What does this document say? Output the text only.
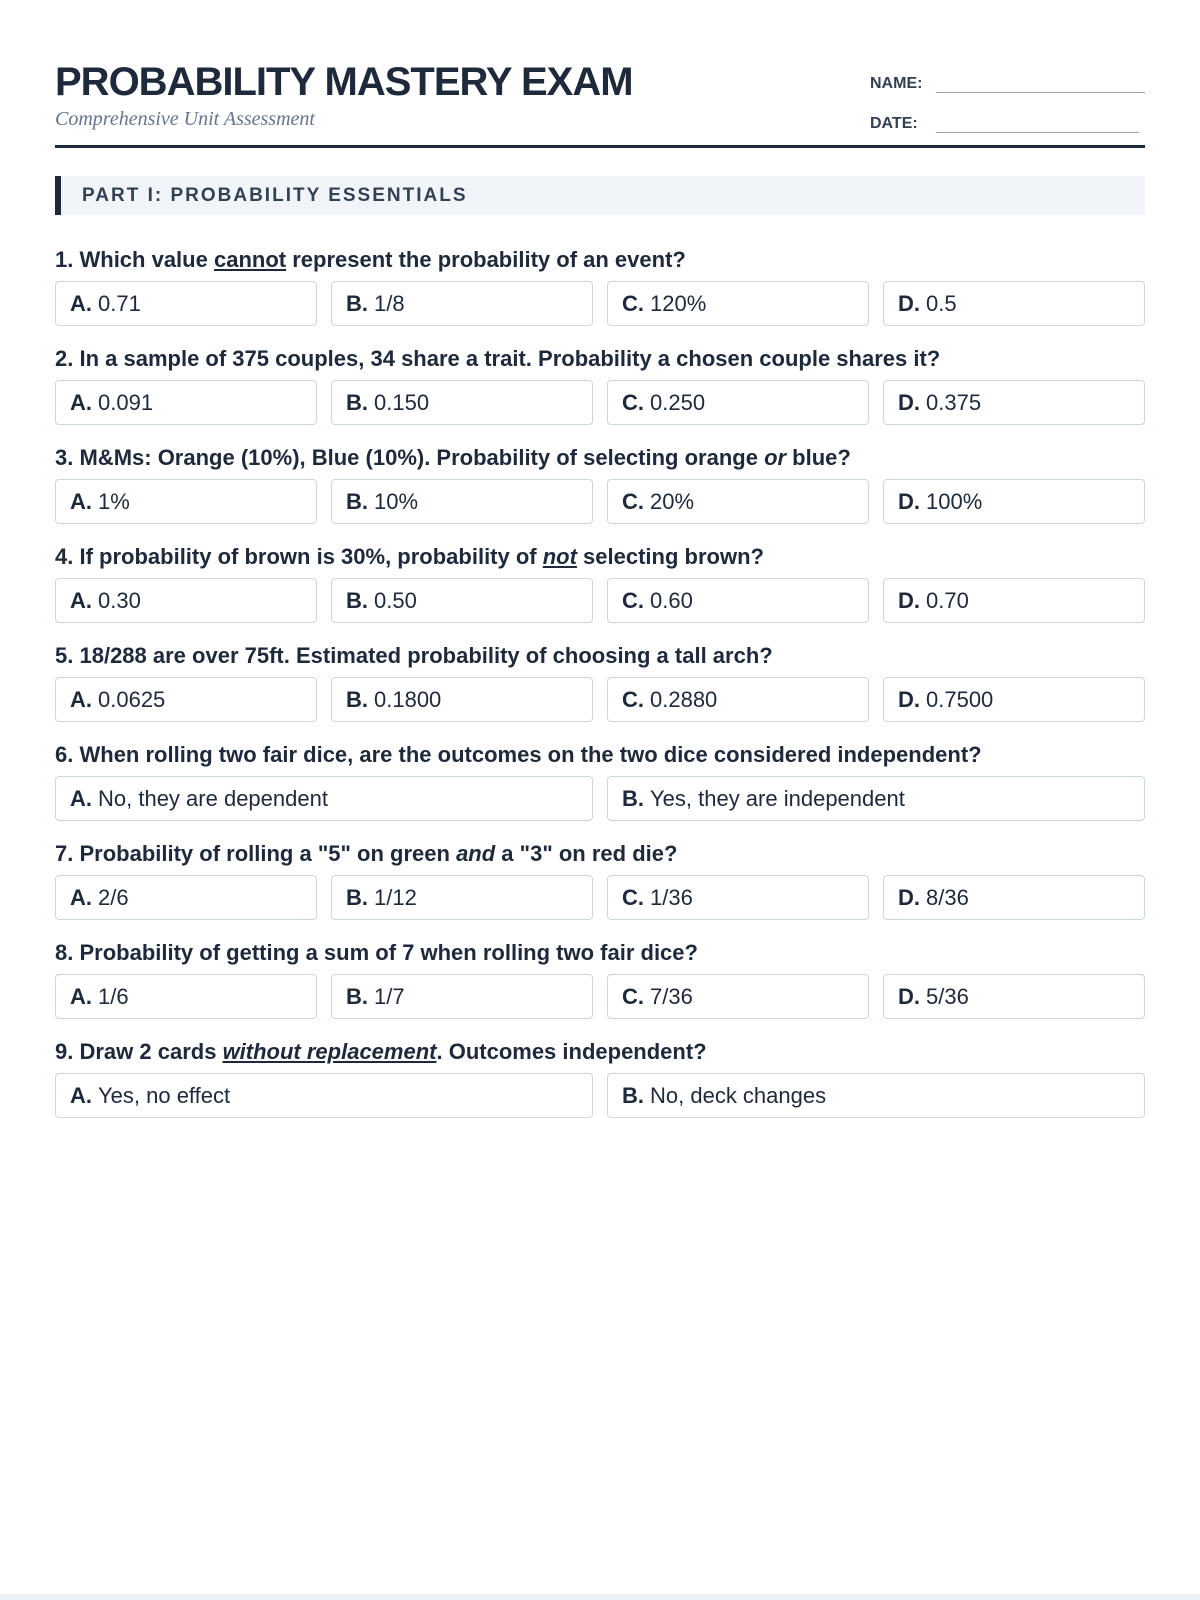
PROBABILITY MASTERY EXAM
Comprehensive Unit Assessment
NAME:
DATE:
PART I: PROBABILITY ESSENTIALS
1. Which value cannot represent the probability of an event?
A. 0.71	B. 1/8	C. 120%	D. 0.5
2. In a sample of 375 couples, 34 share a trait. Probability a chosen couple shares it?
A. 0.091	B. 0.150	C. 0.250	D. 0.375
3. M&Ms: Orange (10%), Blue (10%). Probability of selecting orange or blue?
A. 1%	B. 10%	C. 20%	D. 100%
4. If probability of brown is 30%, probability of not selecting brown?
A. 0.30	B. 0.50	C. 0.60	D. 0.70
5. 18/288 are over 75ft. Estimated probability of choosing a tall arch?
A. 0.0625	B. 0.1800	C. 0.2880	D. 0.7500
6. When rolling two fair dice, are the outcomes on the two dice considered independent?
A. No, they are dependent	B. Yes, they are independent
7. Probability of rolling a "5" on green and a "3" on red die?
A. 2/6	B. 1/12	C. 1/36	D. 8/36
8. Probability of getting a sum of 7 when rolling two fair dice?
A. 1/6	B. 1/7	C. 7/36	D. 5/36
9. Draw 2 cards without replacement. Outcomes independent?
A. Yes, no effect	B. No, deck changes
